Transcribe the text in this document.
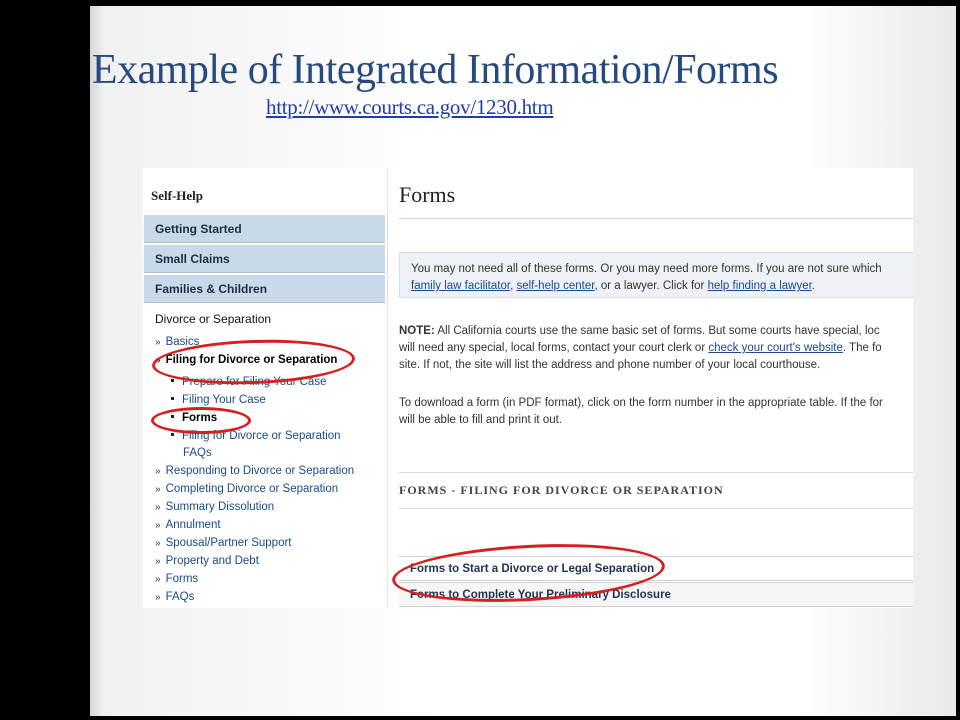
Example of Integrated Information/Forms
http://www.courts.ca.gov/1230.htm
Self-Help
Getting Started
Small Claims
Families & Children
Divorce or Separation
» Basics
» Filing for Divorce or Separation
Prepare for Filing Your Case
Filing Your Case
Forms
Filing for Divorce or Separation
FAQs
» Responding to Divorce or Separation
» Completing Divorce or Separation
» Summary Dissolution
» Annulment
» Spousal/Partner Support
» Property and Debt
» Forms
» FAQs
Forms
You may not need all of these forms. Or you may need more forms. If you are not sure which
family law facilitator, self-help center, or a lawyer. Click for help finding a lawyer.
NOTE: All California courts use the same basic set of forms. But some courts have special, loc
will need any special, local forms, contact your court clerk or check your court's website. The fo
site. If not, the site will list the address and phone number of your local courthouse.
To download a form (in PDF format), click on the form number in the appropriate table. If the for
will be able to fill and print it out.
FORMS - FILING FOR DIVORCE OR SEPARATION
Forms to Start a Divorce or Legal Separation
Forms to Complete Your Preliminary Disclosure
